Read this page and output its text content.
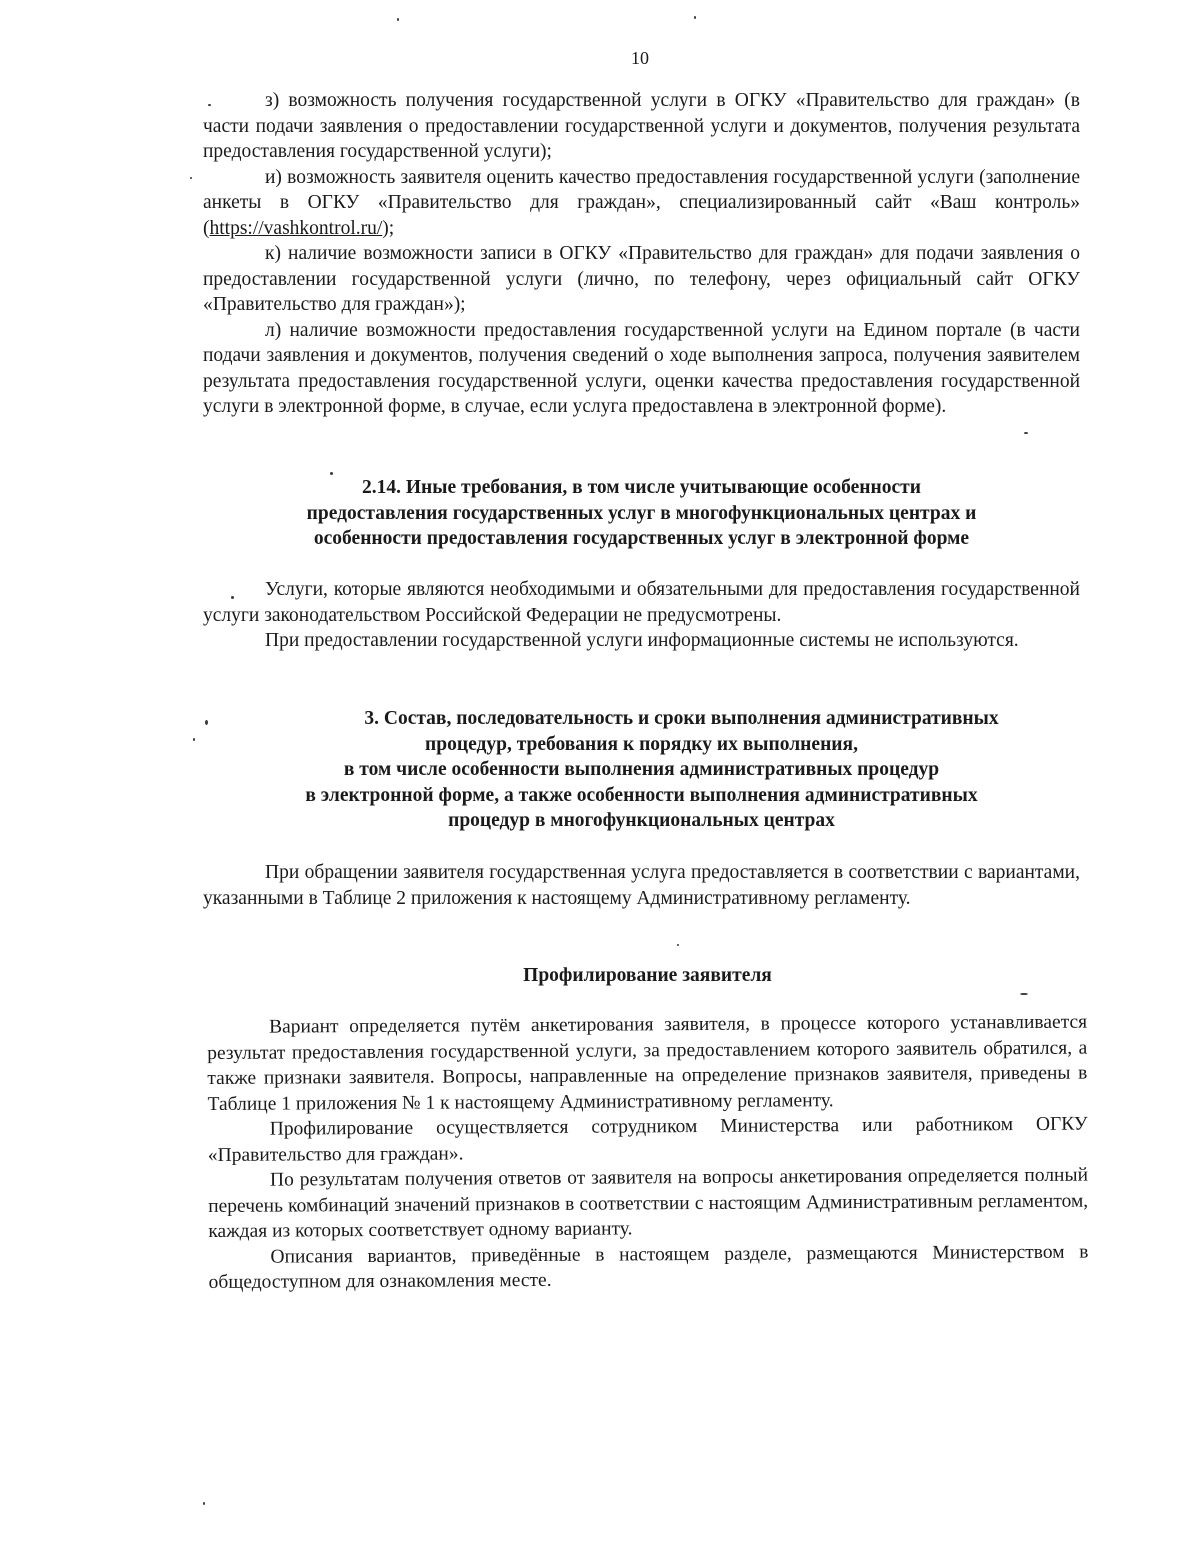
10

з) возможность получения государственной услуги в ОГКУ «Правительство для граждан» (в части подачи заявления о предоставлении государственной услуги и документов, получения результата предоставления государственной услуги);

и) возможность заявителя оценить качество предоставления государственной услуги (заполнение анкеты в ОГКУ «Правительство для граждан», специализированный сайт «Ваш контроль» (https://vashkontrol.ru/);

к) наличие возможности записи в ОГКУ «Правительство для граждан» для подачи заявления о предоставлении государственной услуги (лично, по телефону, через официальный сайт ОГКУ «Правительство для граждан»);

л) наличие возможности предоставления государственной услуги на Едином портале (в части подачи заявления и документов, получения сведений о ходе выполнения запроса, получения заявителем результата предоставления государственной услуги, оценки качества предоставления государственной услуги в электронной форме, в случае, если услуга предоставлена в электронной форме).

2.14. Иные требования, в том числе учитывающие особенности
предоставления государственных услуг в многофункциональных центрах и
особенности предоставления государственных услуг в электронной форме

Услуги, которые являются необходимыми и обязательными для предоставления государственной услуги законодательством Российской Федерации не предусмотрены.

При предоставлении государственной услуги информационные системы не используются.

3. Состав, последовательность и сроки выполнения административных
процедур, требования к порядку их выполнения,
в том числе особенности выполнения административных процедур
в электронной форме, а также особенности выполнения административных
процедур в многофункциональных центрах

При обращении заявителя государственная услуга предоставляется в соответствии с вариантами, указанными в Таблице 2 приложения к настоящему Административному регламенту.

Профилирование заявителя

Вариант определяется путём анкетирования заявителя, в процессе которого устанавливается результат предоставления государственной услуги, за предоставлением которого заявитель обратился, а также признаки заявителя. Вопросы, направленные на определение признаков заявителя, приведены в Таблице 1 приложения № 1 к настоящему Административному регламенту.

Профилирование осуществляется сотрудником Министерства или работником ОГКУ «Правительство для граждан».

По результатам получения ответов от заявителя на вопросы анкетирования определяется полный перечень комбинаций значений признаков в соответствии с настоящим Административным регламентом, каждая из которых соответствует одному варианту.

Описания вариантов, приведённые в настоящем разделе, размещаются Министерством в общедоступном для ознакомления месте.
